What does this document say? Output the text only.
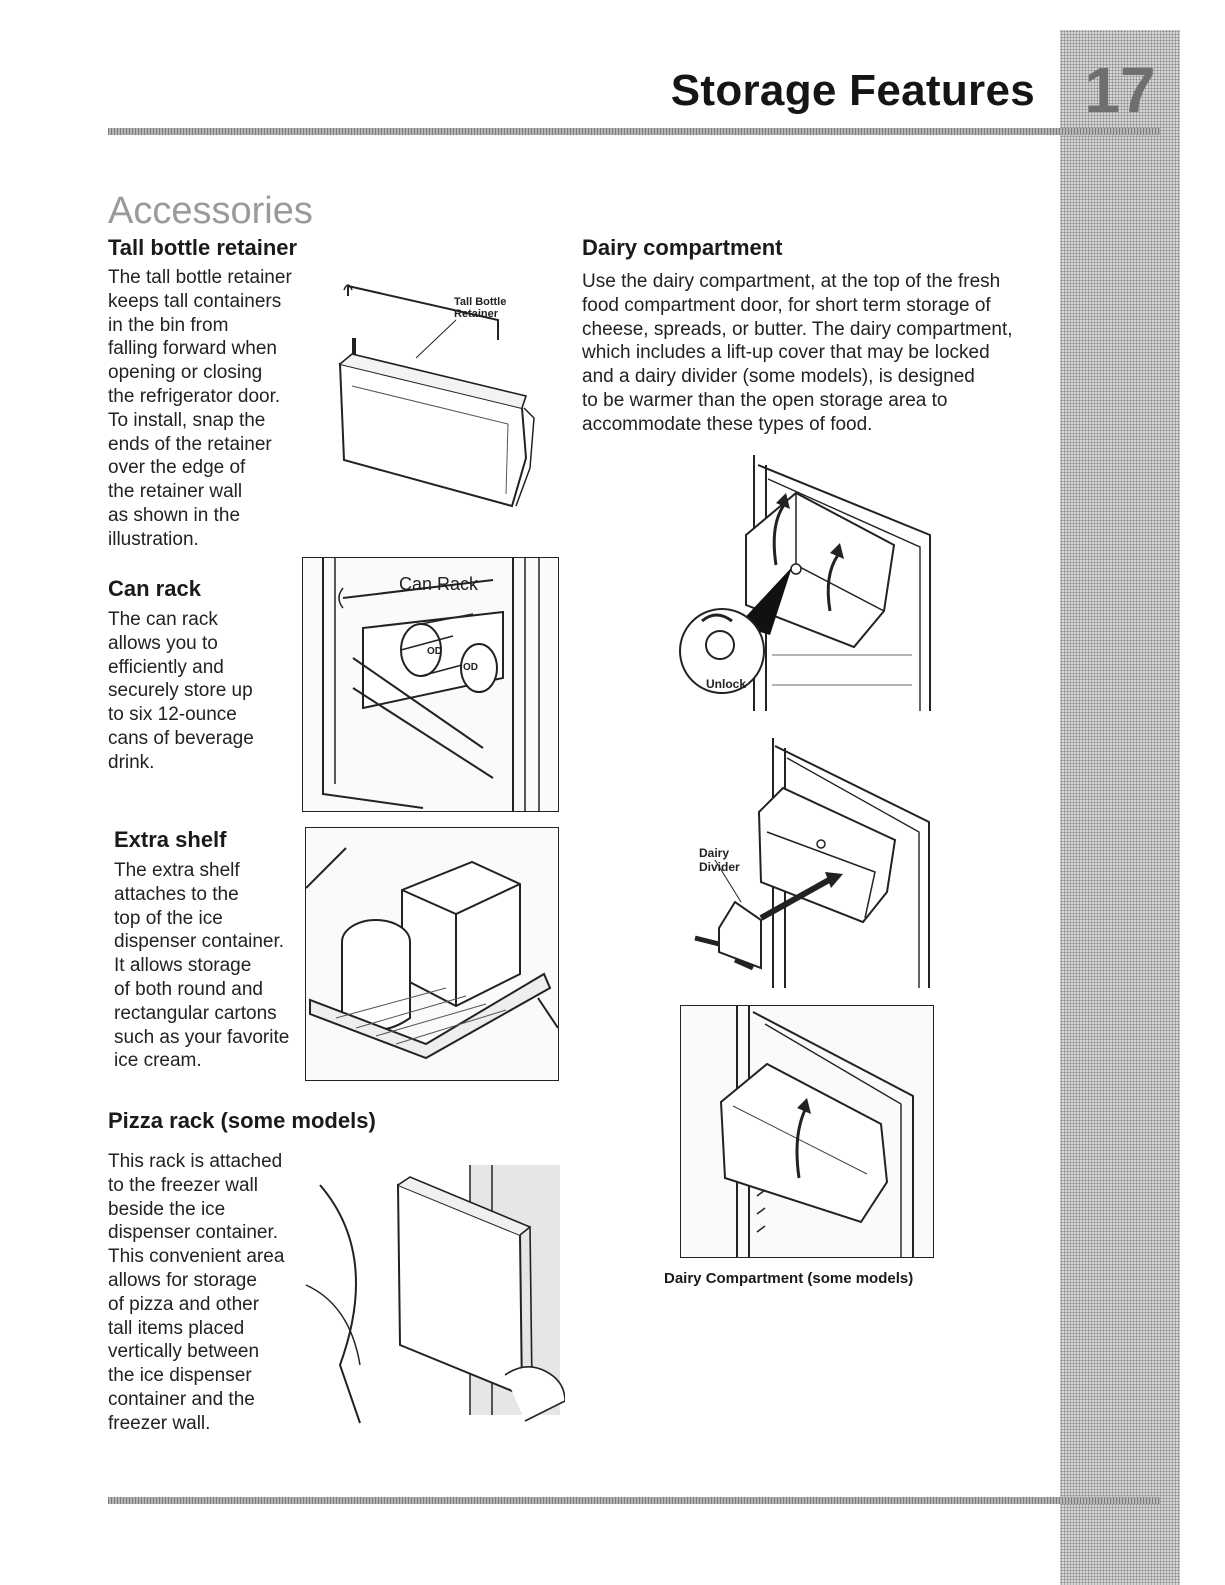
Storage Features 17
Accessories
Tall bottle retainer
The tall bottle retainer
keeps tall containers
in the bin from
falling forward when
opening or closing
the refrigerator door.
To install, snap the
ends of the retainer
over the edge of
the retainer wall
as shown in the
illustration.
Tall Bottle
Retainer
Can rack
The can rack
allows you to
efficiently and
securely store up
to six 12-ounce
cans of beverage
drink.
OD
OD
Can Rack
Extra shelf
The extra shelf
attaches to the
top of the ice
dispenser container.
It allows storage
of both round and
rectangular cartons
such as your favorite
ice cream.
Pizza rack (some models)
This rack is attached
to the freezer wall
beside the ice
dispenser container.
This convenient area
allows for storage
of pizza and other
tall items placed
vertically between
the ice dispenser
container and the
freezer wall.
Dairy compartment
Use the dairy compartment, at the top of the fresh
food compartment door, for short term storage of
cheese, spreads, or butter. The dairy compartment,
which includes a lift-up cover that may be locked
and a dairy divider (some models), is designed
to be warmer than the open storage area to
accommodate these types of food.
Unlock
Dairy
Divider
Dairy Compartment (some models)
